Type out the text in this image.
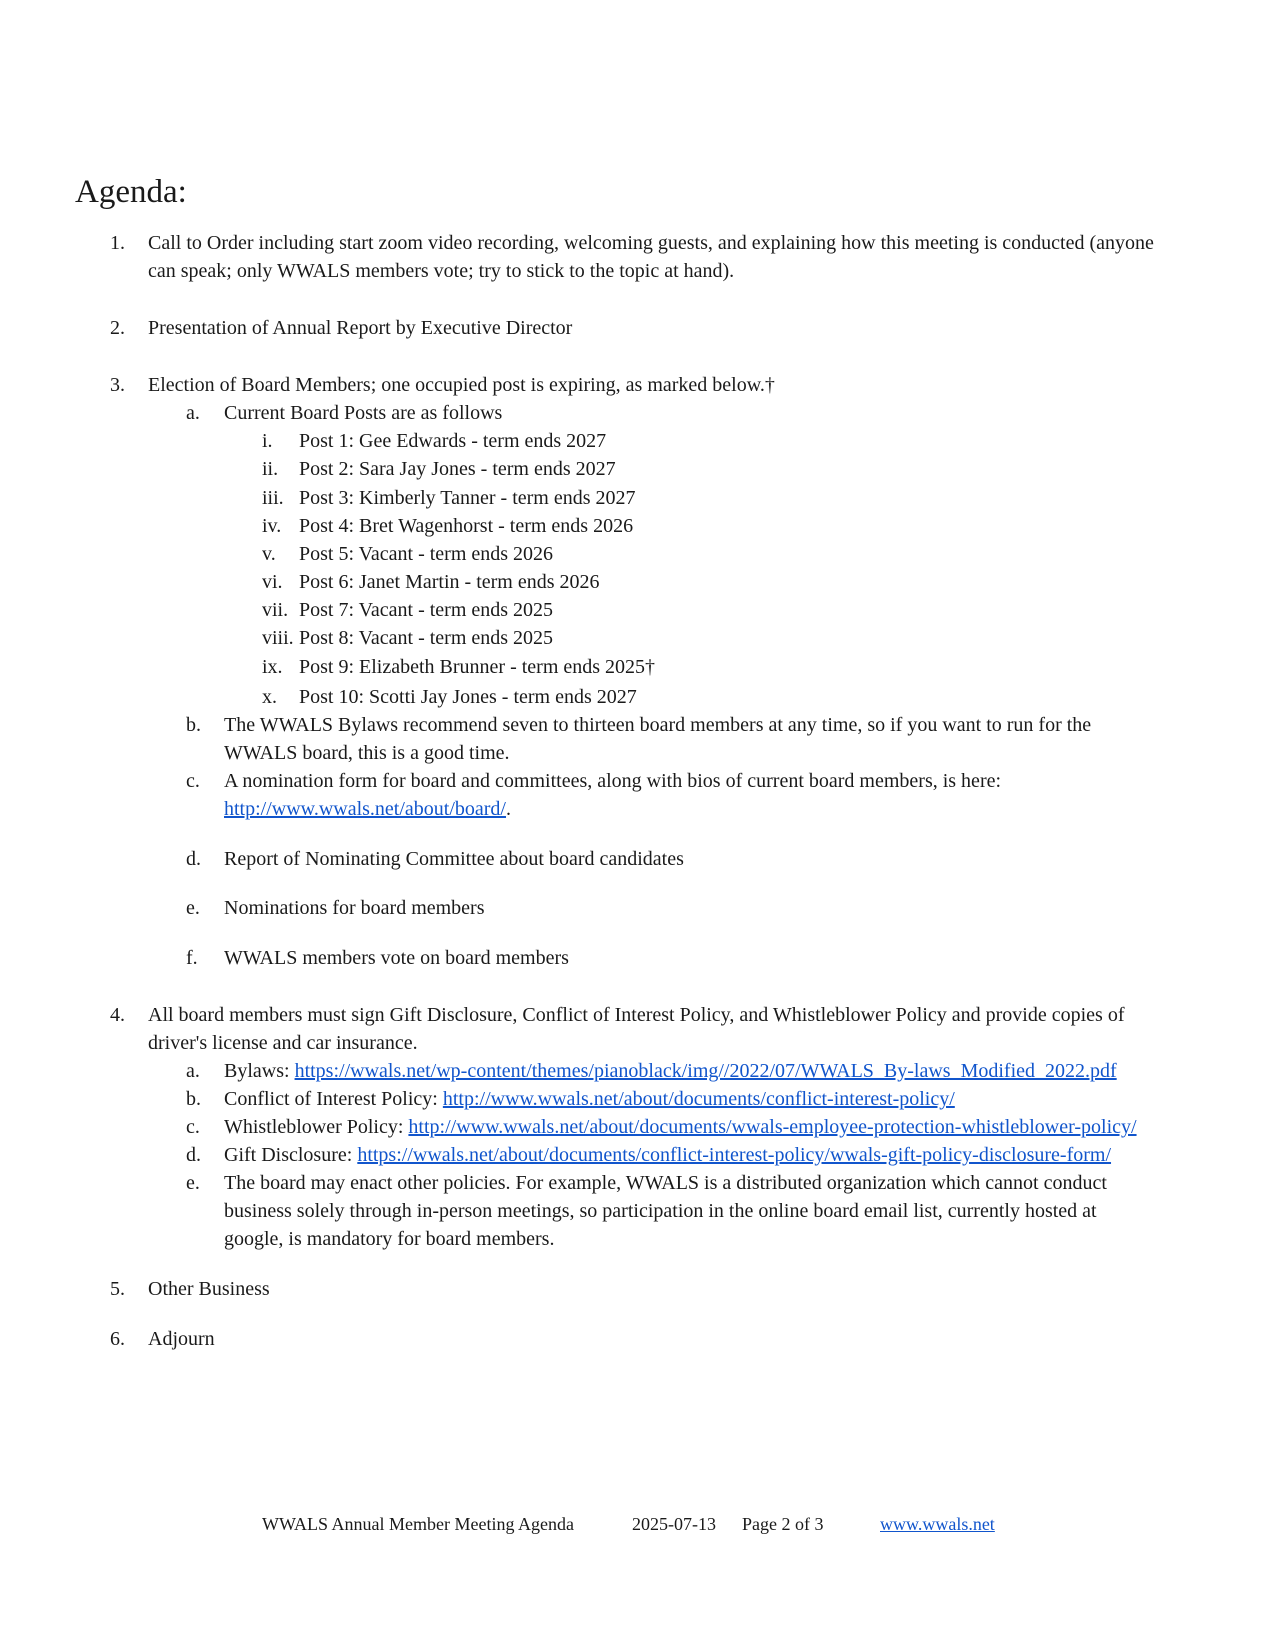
Agenda:
1. Call to Order including start zoom video recording, welcoming guests, and explaining how this meeting is conducted (anyone
can speak; only WWALS members vote; try to stick to the topic at hand).
2. Presentation of Annual Report by Executive Director
3. Election of Board Members; one occupied post is expiring, as marked below.†
a. Current Board Posts are as follows
i. Post 1: Gee Edwards - term ends 2027
ii. Post 2: Sara Jay Jones - term ends 2027
iii. Post 3: Kimberly Tanner - term ends 2027
iv. Post 4: Bret Wagenhorst - term ends 2026
v. Post 5: Vacant - term ends 2026
vi. Post 6: Janet Martin - term ends 2026
vii. Post 7: Vacant - term ends 2025
viii. Post 8: Vacant - term ends 2025
ix. Post 9: Elizabeth Brunner - term ends 2025†
x. Post 10: Scotti Jay Jones - term ends 2027
b. The WWALS Bylaws recommend seven to thirteen board members at any time, so if you want to run for the
WWALS board, this is a good time.
c. A nomination form for board and committees, along with bios of current board members, is here:
http://www.wwals.net/about/board/.
d. Report of Nominating Committee about board candidates
e. Nominations for board members
f. WWALS members vote on board members
4. All board members must sign Gift Disclosure, Conflict of Interest Policy, and Whistleblower Policy and provide copies of
driver's license and car insurance.
a. Bylaws: https://wwals.net/wp-content/themes/pianoblack/img//2022/07/WWALS_By-laws_Modified_2022.pdf
b. Conflict of Interest Policy: http://www.wwals.net/about/documents/conflict-interest-policy/
c. Whistleblower Policy: http://www.wwals.net/about/documents/wwals-employee-protection-whistleblower-policy/
d. Gift Disclosure: https://wwals.net/about/documents/conflict-interest-policy/wwals-gift-policy-disclosure-form/
e. The board may enact other policies. For example, WWALS is a distributed organization which cannot conduct
business solely through in-person meetings, so participation in the online board email list, currently hosted at
google, is mandatory for board members.
5. Other Business
6. Adjourn
WWALS Annual Member Meeting Agenda	2025-07-13 Page 2 of 3	www.wwals.net
